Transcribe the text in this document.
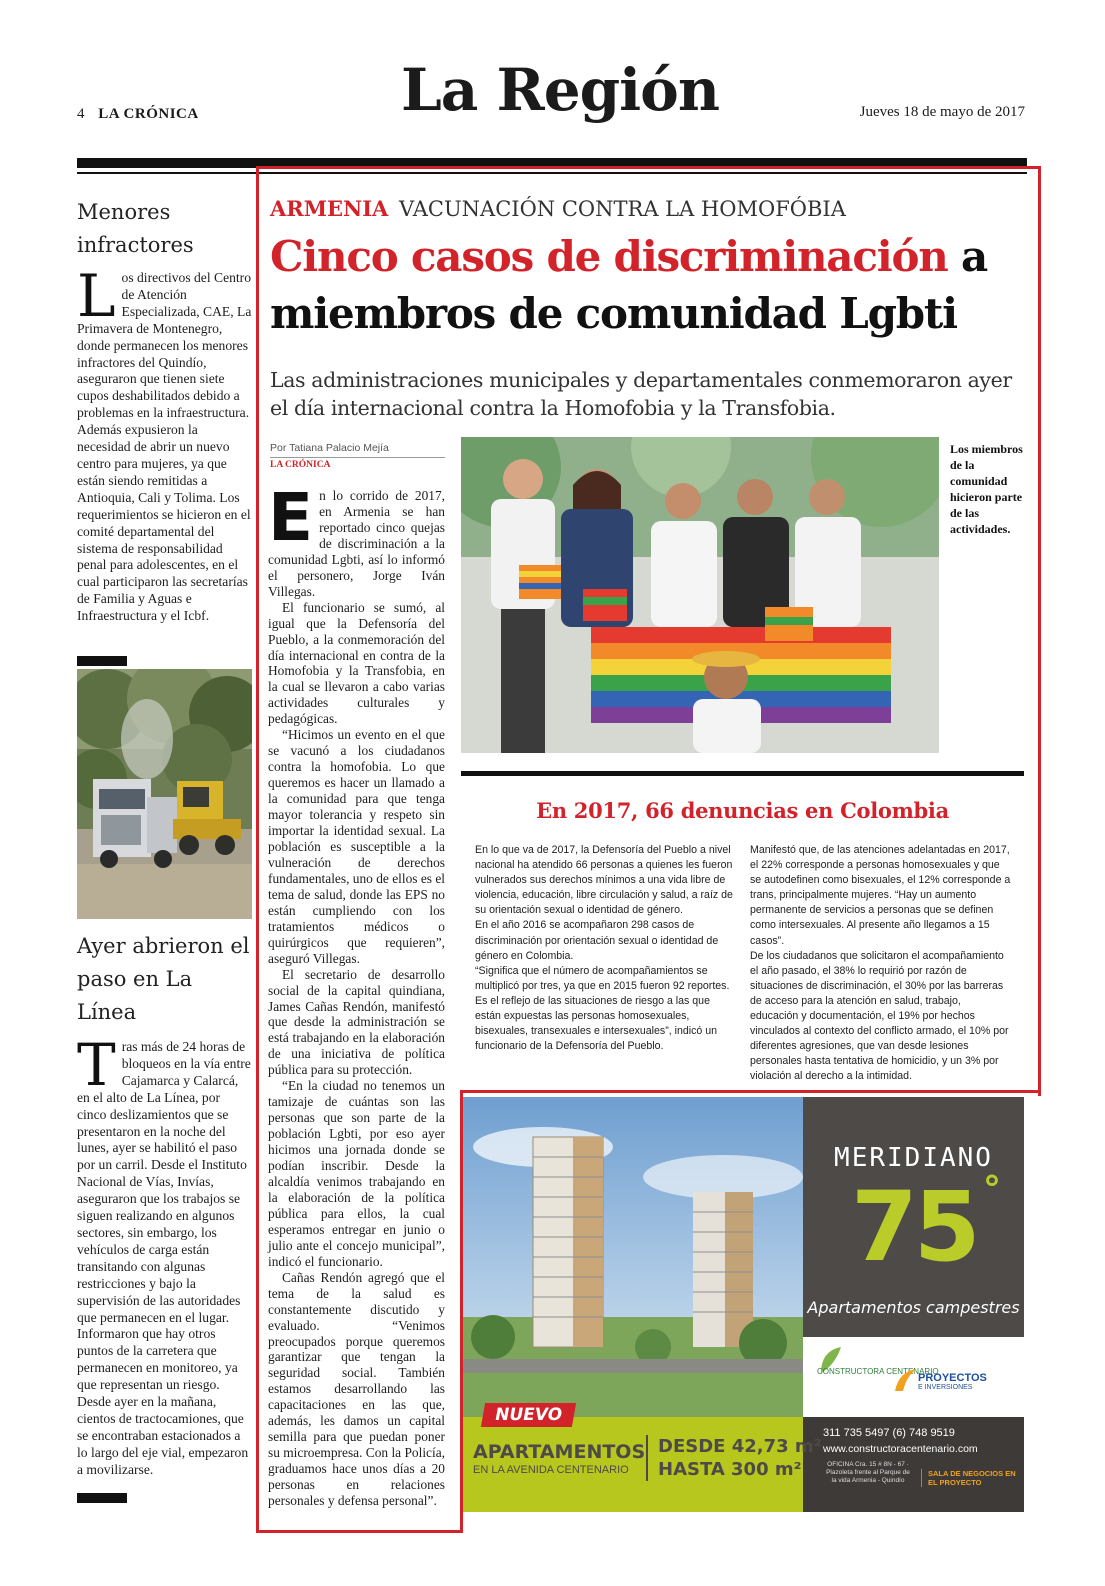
4 LA CRÓNICA	La Región	Jueves 18 de mayo de 2017
Menores infractores
L os directivos del Centro de Atención Especializada, CAE, La Primavera de Montenegro, donde permanecen los menores infractores del Quindío, aseguraron que tienen siete cupos deshabilitados debido a problemas en la infraestructura. Además expusieron la necesidad de abrir un nuevo centro para mujeres, ya que están siendo remitidas a Antioquia, Cali y Tolima. Los requerimientos se hicieron en el comité departamental del sistema de responsabilidad penal para adolescentes, en el cual participaron las secretarías de Familia y Aguas e Infraestructura y el Icbf.
Ayer abrieron el paso en La Línea
T ras más de 24 horas de bloqueos en la vía entre Cajamarca y Calarcá, en el alto de La Línea, por cinco deslizamientos que se presentaron en la noche del lunes, ayer se habilitó el paso por un carril. Desde el Instituto Nacional de Vías, Invías, aseguraron que los trabajos se siguen realizando en algunos sectores, sin embargo, los vehículos de carga están transitando con algunas restricciones y bajo la supervisión de las autoridades que permanecen en el lugar. Informaron que hay otros puntos de la carretera que permanecen en monitoreo, ya que representan un riesgo. Desde ayer en la mañana, cientos de tractocamiones, que se encontraban estacionados a lo largo del eje vial, empezaron a movilizarse.
ARMENIA VACUNACIÓN CONTRA LA HOMOFÓBIA
Cinco casos de discriminación a miembros de comunidad Lgbti
Las administraciones municipales y departamentales conmemoraron ayer el día internacional contra la Homofobia y la Transfobia.
Por Tatiana Palacio Mejía
LA CRÓNICA

En lo corrido de 2017, en Armenia se han reportado cinco quejas de discriminación a la comunidad Lgbti, así lo informó el personero, Jorge Iván Villegas.

El funcionario se sumó, al igual que la Defensoría del Pueblo, a la conmemoración del día internacional en contra de la Homofobia y la Transfobia, en la cual se llevaron a cabo varias actividades culturales y pedagógicas.

“Hicimos un evento en el que se vacunó a los ciudadanos contra la homofobia. Lo que queremos es hacer un llamado a la comunidad para que tenga mayor tolerancia y respeto sin importar la identidad sexual. La población es susceptible a la vulneración de derechos fundamentales, uno de ellos es el tema de salud, donde las EPS no están cumpliendo con los tratamientos médicos o quirúrgicos que requieren”, aseguró Villegas.

El secretario de desarrollo social de la capital quindiana, James Cañas Rendón, manifestó que desde la administración se está trabajando en la elaboración de una iniciativa de política pública para su protección.

“En la ciudad no tenemos un tamizaje de cuántas son las personas que son parte de la población Lgbti, por eso ayer hicimos una jornada donde se podían inscribir. Desde la alcaldía venimos trabajando en la elaboración de la política pública para ellos, la cual esperamos entregar en junio o julio ante el concejo municipal”, indicó el funcionario.

Cañas Rendón agregó que el tema de la salud es constantemente discutido y evaluado. “Venimos preocupados porque queremos garantizar que tengan la seguridad social. También estamos desarrollando las capacitaciones en las que, además, les damos un capital semilla para que puedan poner su microempresa. Con la Policía, graduamos hace unos días a 20 personas en relaciones personales y defensa personal”.

Los miembros de la comunidad hicieron parte de las actividades.
En 2017, 66 denuncias en Colombia
En lo que va de 2017, la Defensoría del Pueblo a nivel nacional ha atendido 66 personas a quienes les fueron vulnerados sus derechos mínimos a una vida libre de violencia, educación, libre circulación y salud, a raíz de su orientación sexual o identidad de género.
En el año 2016 se acompañaron 298 casos de discriminación por orientación sexual o identidad de género en Colombia.
“Significa que el número de acompañamientos se multiplicó por tres, ya que en 2015 fueron 92 reportes. Es el reflejo de las situaciones de riesgo a las que están expuestas las personas homosexuales, bisexuales, transexuales e intersexuales”, indicó un funcionario de la Defensoría del Pueblo.
Manifestó que, de las atenciones adelantadas en 2017, el 22% corresponde a personas homosexuales y que se autodefinen como bisexuales, el 12% corresponde a trans, principalmente mujeres. “Hay un aumento permanente de servicios a personas que se definen como intersexuales. Al presente año llegamos a 15 casos”.
De los ciudadanos que solicitaron el acompañamiento el año pasado, el 38% lo requirió por razón de situaciones de discriminación, el 30% por las barreras de acceso para la atención en salud, trabajo, educación y documentación, el 19% por hechos vinculados al contexto del conflicto armado, el 10% por diferentes agresiones, que van desde lesiones personales hasta tentativa de homicidio, y un 3% por violación al derecho a la intimidad.
MERIDIANO
75 °
Apartamentos campestres
CONSTRUCTORA CENTENARIO
PROYECTOS
E INVERSIONES
311 735 5497 (6) 748 9519
www.constructoracentenario.com
OFICINA Cra. 15 # 8N - 67 · Plazoleta frente al Parque de la vida Armenia - Quindío
SALA DE NEGOCIOS EN EL PROYECTO
NUEVO
APARTAMENTOS
EN LA AVENIDA CENTENARIO
DESDE 42,73 m²
HASTA 300 m²
